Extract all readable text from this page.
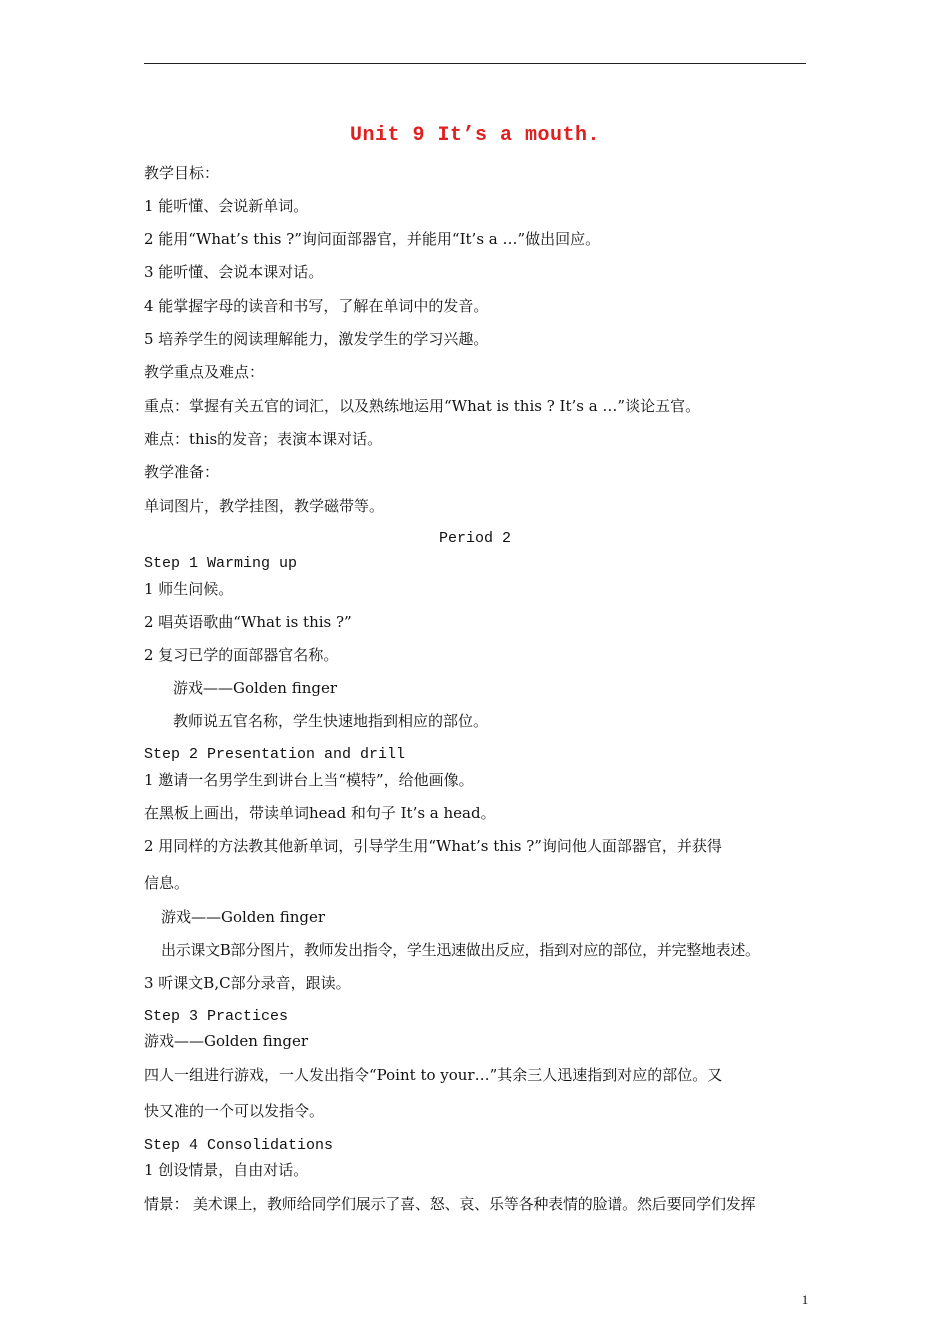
Unit 9 It’s a mouth.
教学目标：
1 能听懂、会说新单词。
2 能用“What’s this ?”询问面部器官，并能用“It’s a …”做出回应。
3 能听懂、会说本课对话。
4 能掌握字母的读音和书写，了解在单词中的发音。
5 培养学生的阅读理解能力，激发学生的学习兴趣。
教学重点及难点：
重点：掌握有关五官的词汇，以及熟练地运用“What is this ? It’s a …”谈论五官。
难点：this的发音；表演本课对话。
教学准备：
单词图片，教学挂图，教学磁带等。
Period 2
Step 1 Warming up
1 师生问候。
2 唱英语歌曲“What is this ?”
2 复习已学的面部器官名称。
游戏——Golden finger
教师说五官名称，学生快速地指到相应的部位。
Step 2 Presentation and drill
1 邀请一名男学生到讲台上当“模特”，给他画像。
在黑板上画出，带读单词head 和句子 It’s a head。
2 用同样的方法教其他新单词，引导学生用“What’s this ?”询问他人面部器官，并获得
信息。
游戏——Golden finger
出示课文B部分图片，教师发出指令，学生迅速做出反应，指到对应的部位，并完整地表述。
3 听课文B,C部分录音，跟读。
Step 3 Practices
游戏——Golden finger
四人一组进行游戏，一人发出指令“Point to your…”其余三人迅速指到对应的部位。又
快又准的一个可以发指令。
Step 4 Consolidations
1 创设情景，自由对话。
情景： 美术课上，教师给同学们展示了喜、怒、哀、乐等各种表情的脸谱。然后要同学们发挥
1
